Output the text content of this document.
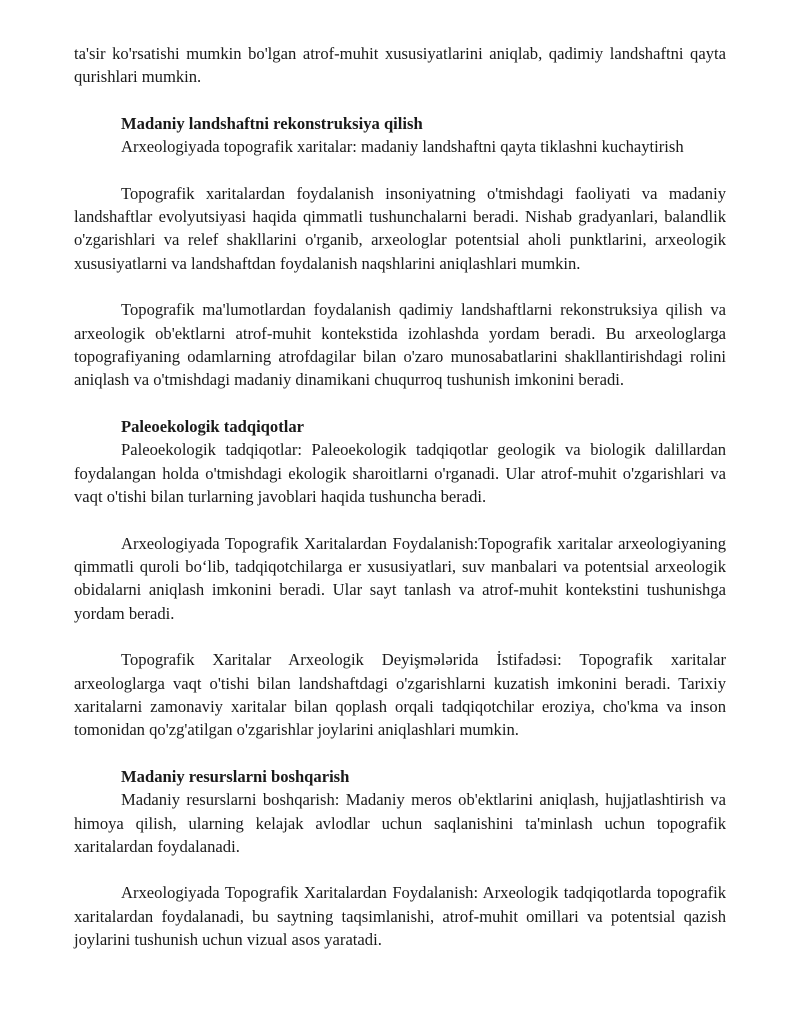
ta'sir ko'rsatishi mumkin bo'lgan atrof-muhit xususiyatlarini aniqlab, qadimiy landshaftni qayta qurishlari mumkin.

Madaniy landshaftni rekonstruksiya qilish

Arxeologiyada topografik xaritalar: madaniy landshaftni qayta tiklashni kuchaytirish

Topografik xaritalardan foydalanish insoniyatning o'tmishdagi faoliyati va madaniy landshaftlar evolyutsiyasi haqida qimmatli tushunchalarni beradi. Nishab gradyanlari, balandlik o'zgarishlari va relef shakllarini o'rganib, arxeologlar potentsial aholi punktlarini, arxeologik xususiyatlarni va landshaftdan foydalanish naqshlarini aniqlashlari mumkin.

Topografik ma'lumotlardan foydalanish qadimiy landshaftlarni rekonstruksiya qilish va arxeologik ob'ektlarni atrof-muhit kontekstida izohlashda yordam beradi. Bu arxeologlarga topografiyaning odamlarning atrofdagilar bilan o'zaro munosabatlarini shakllantirishdagi rolini aniqlash va o'tmishdagi madaniy dinamikani chuqurroq tushunish imkonini beradi.

Paleoekologik tadqiqotlar

Paleoekologik tadqiqotlar: Paleoekologik tadqiqotlar geologik va biologik dalillardan foydalangan holda o'tmishdagi ekologik sharoitlarni o'rganadi. Ular atrof-muhit o'zgarishlari va vaqt o'tishi bilan turlarning javoblari haqida tushuncha beradi.

Arxeologiyada Topografik Xaritalardan Foydalanish:Topografik xaritalar arxeologiyaning qimmatli quroli bo‘lib, tadqiqotchilarga er xususiyatlari, suv manbalari va potentsial arxeologik obidalarni aniqlash imkonini beradi. Ular sayt tanlash va atrof-muhit kontekstini tushunishga yordam beradi.

Topografik Xaritalar Arxeologik Deyişmələrida İstifadəsi: Topografik xaritalar arxeologlarga vaqt o'tishi bilan landshaftdagi o'zgarishlarni kuzatish imkonini beradi. Tarixiy xaritalarni zamonaviy xaritalar bilan qoplash orqali tadqiqotchilar eroziya, cho'kma va inson tomonidan qo'zg'atilgan o'zgarishlar joylarini aniqlashlari mumkin.

Madaniy resurslarni boshqarish

Madaniy resurslarni boshqarish: Madaniy meros ob'ektlarini aniqlash, hujjatlashtirish va himoya qilish, ularning kelajak avlodlar uchun saqlanishini ta'minlash uchun topografik xaritalardan foydalanadi.

Arxeologiyada Topografik Xaritalardan Foydalanish: Arxeologik tadqiqotlarda topografik xaritalardan foydalanadi, bu saytning taqsimlanishi, atrof-muhit omillari va potentsial qazish joylarini tushunish uchun vizual asos yaratadi.
